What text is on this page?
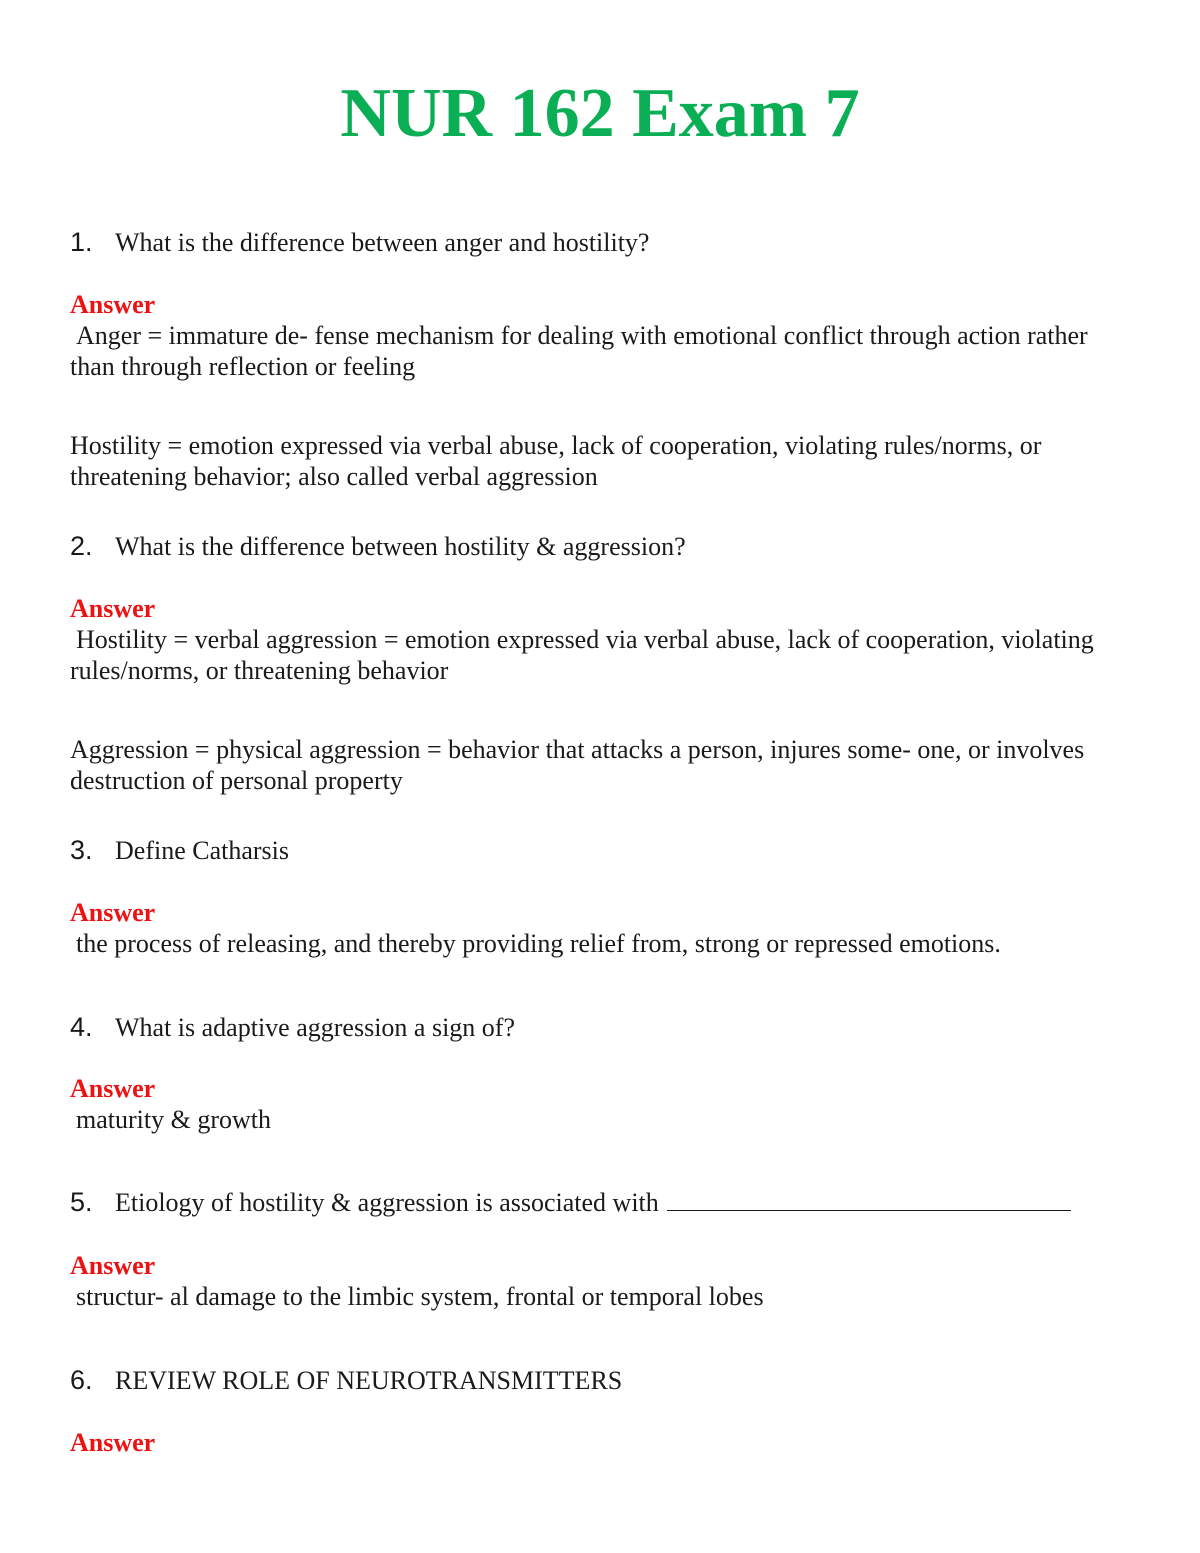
NUR 162 Exam 7
1. What is the difference between anger and hostility?
Answer
Anger = immature de- fense mechanism for dealing with emotional conflict through action rather than through reflection or feeling
Hostility = emotion expressed via verbal abuse, lack of cooperation, violating rules/norms, or threatening behavior; also called verbal aggression
2. What is the difference between hostility & aggression?
Answer
Hostility = verbal aggression = emotion expressed via verbal abuse, lack of cooperation, violating rules/norms, or threatening behavior
Aggression = physical aggression = behavior that attacks a person, injures some- one, or involves destruction of personal property
3. Define Catharsis
Answer
the process of releasing, and thereby providing relief from, strong or repressed emotions.
4. What is adaptive aggression a sign of?
Answer
maturity & growth
5. Etiology of hostility & aggression is associated with
Answer
structur- al damage to the limbic system, frontal or temporal lobes
6. REVIEW ROLE OF NEUROTRANSMITTERS
Answer
